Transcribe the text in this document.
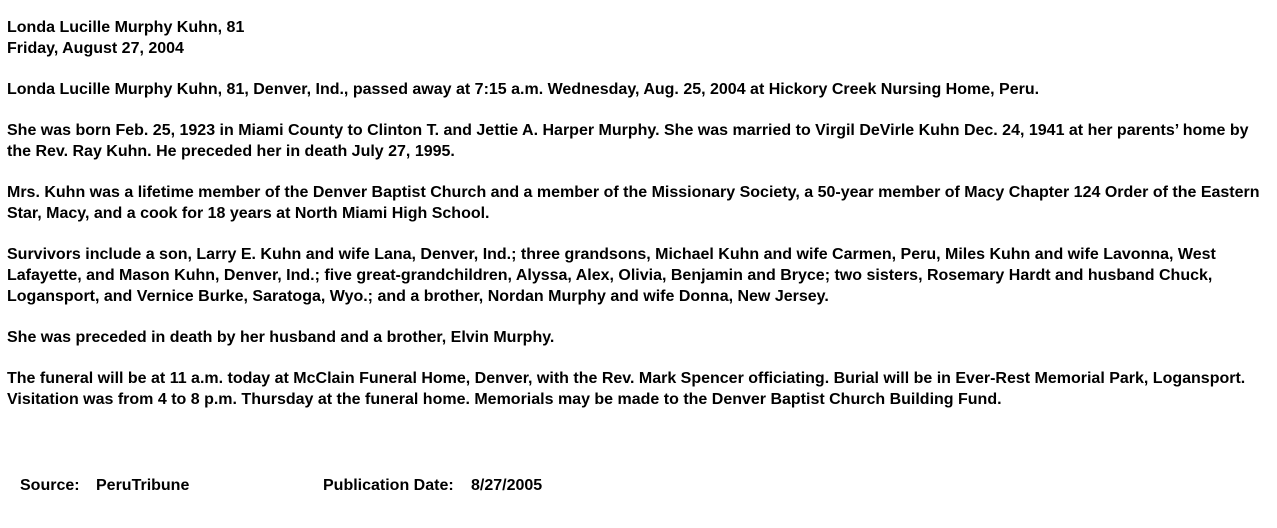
Londa Lucille Murphy Kuhn, 81
Friday, August 27, 2004

Londa Lucille Murphy Kuhn, 81, Denver, Ind., passed away at 7:15 a.m. Wednesday, Aug. 25, 2004 at Hickory Creek Nursing Home, Peru.

She was born Feb. 25, 1923 in Miami County to Clinton T. and Jettie A. Harper Murphy. She was married to Virgil DeVirle Kuhn Dec. 24, 1941 at her parents’ home by the Rev. Ray Kuhn. He preceded her in death July 27, 1995.

Mrs. Kuhn was a lifetime member of the Denver Baptist Church and a member of the Missionary Society, a 50-year member of Macy Chapter 124 Order of the Eastern Star, Macy, and a cook for 18 years at North Miami High School.

Survivors include a son, Larry E. Kuhn and wife Lana, Denver, Ind.; three grandsons, Michael Kuhn and wife Carmen, Peru, Miles Kuhn and wife Lavonna, West Lafayette, and Mason Kuhn, Denver, Ind.; five great-grandchildren, Alyssa, Alex, Olivia, Benjamin and Bryce; two sisters, Rosemary Hardt and husband Chuck, Logansport, and Vernice Burke, Saratoga, Wyo.; and a brother, Nordan Murphy and wife Donna, New Jersey.

She was preceded in death by her husband and a brother, Elvin Murphy.

The funeral will be at 11 a.m. today at McClain Funeral Home, Denver, with the Rev. Mark Spencer officiating. Burial will be in Ever-Rest Memorial Park, Logansport. Visitation was from 4 to 8 p.m. Thursday at the funeral home. Memorials may be made to the Denver Baptist Church Building Fund.

Source: PeruTribune	Publication Date: 8/27/2005
